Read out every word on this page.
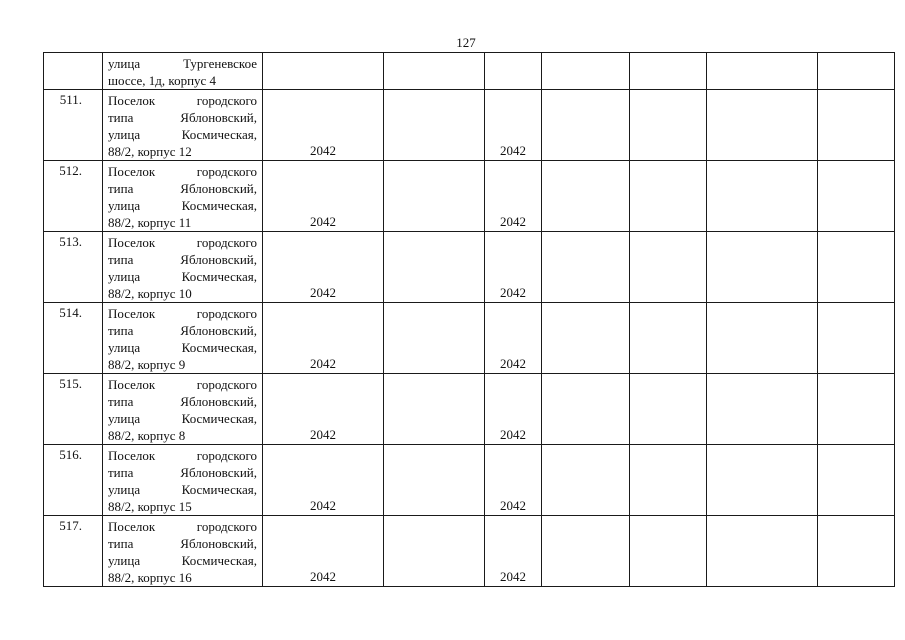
127

	улица Тургеневское
шоссе, 1д, корпус 4							

511.	Поселок городского
типа Яблоновский,
улица Космическая,
88/2, корпус 12	2042		2042				
512.	Поселок городского
типа Яблоновский,
улица Космическая,
88/2, корпус 11	2042		2042				
513.	Поселок городского
типа Яблоновский,
улица Космическая,
88/2, корпус 10	2042		2042				
514.	Поселок городского
типа Яблоновский,
улица Космическая,
88/2, корпус 9	2042		2042				
515.	Поселок городского
типа Яблоновский,
улица Космическая,
88/2, корпус 8	2042		2042				
516.	Поселок городского
типа Яблоновский,
улица Космическая,
88/2, корпус 15	2042		2042				
517.	Поселок городского
типа Яблоновский,
улица Космическая,
88/2, корпус 16	2042		2042				
